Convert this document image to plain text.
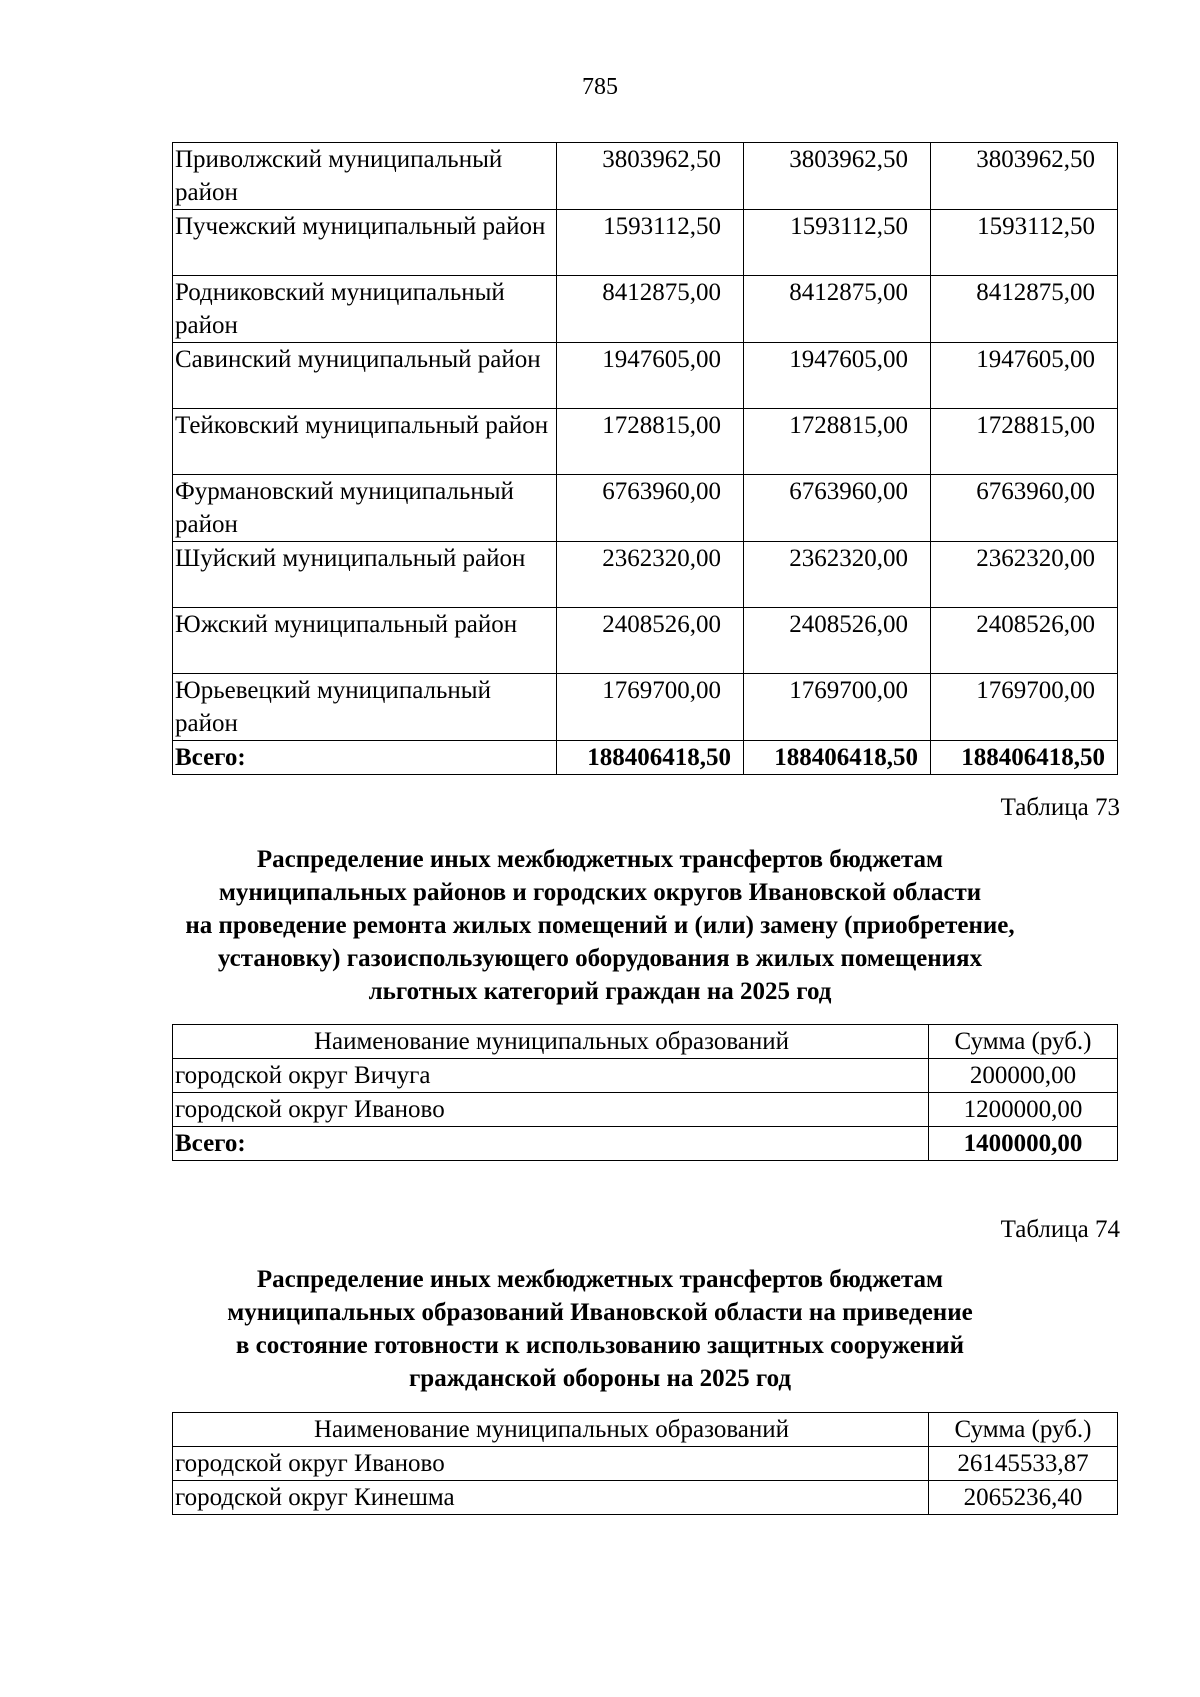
785
Приволжский муниципальный район	3803962,50	3803962,50	3803962,50
Пучежский муниципальный район	1593112,50	1593112,50	1593112,50
Родниковский муниципальный район	8412875,00	8412875,00	8412875,00
Савинский муниципальный район	1947605,00	1947605,00	1947605,00
Тейковский муниципальный район	1728815,00	1728815,00	1728815,00
Фурмановский муниципальный район	6763960,00	6763960,00	6763960,00
Шуйский муниципальный район	2362320,00	2362320,00	2362320,00
Южский муниципальный район	2408526,00	2408526,00	2408526,00
Юрьевецкий муниципальный район	1769700,00	1769700,00	1769700,00
Всего:	188406418,50	188406418,50	188406418,50
Таблица 73
Распределение иных межбюджетных трансфертов бюджетам
муниципальных районов и городских округов Ивановской области
на проведение ремонта жилых помещений и (или) замену (приобретение,
установку) газоиспользующего оборудования в жилых помещениях
льготных категорий граждан на 2025 год
Наименование муниципальных образований	Сумма (руб.)
городской округ Вичуга	200000,00
городской округ Иваново	1200000,00
Всего:	1400000,00
Таблица 74
Распределение иных межбюджетных трансфертов бюджетам
муниципальных образований Ивановской области на приведение
в состояние готовности к использованию защитных сооружений
гражданской обороны на 2025 год
Наименование муниципальных образований	Сумма (руб.)
городской округ Иваново	26145533,87
городской округ Кинешма	2065236,40
